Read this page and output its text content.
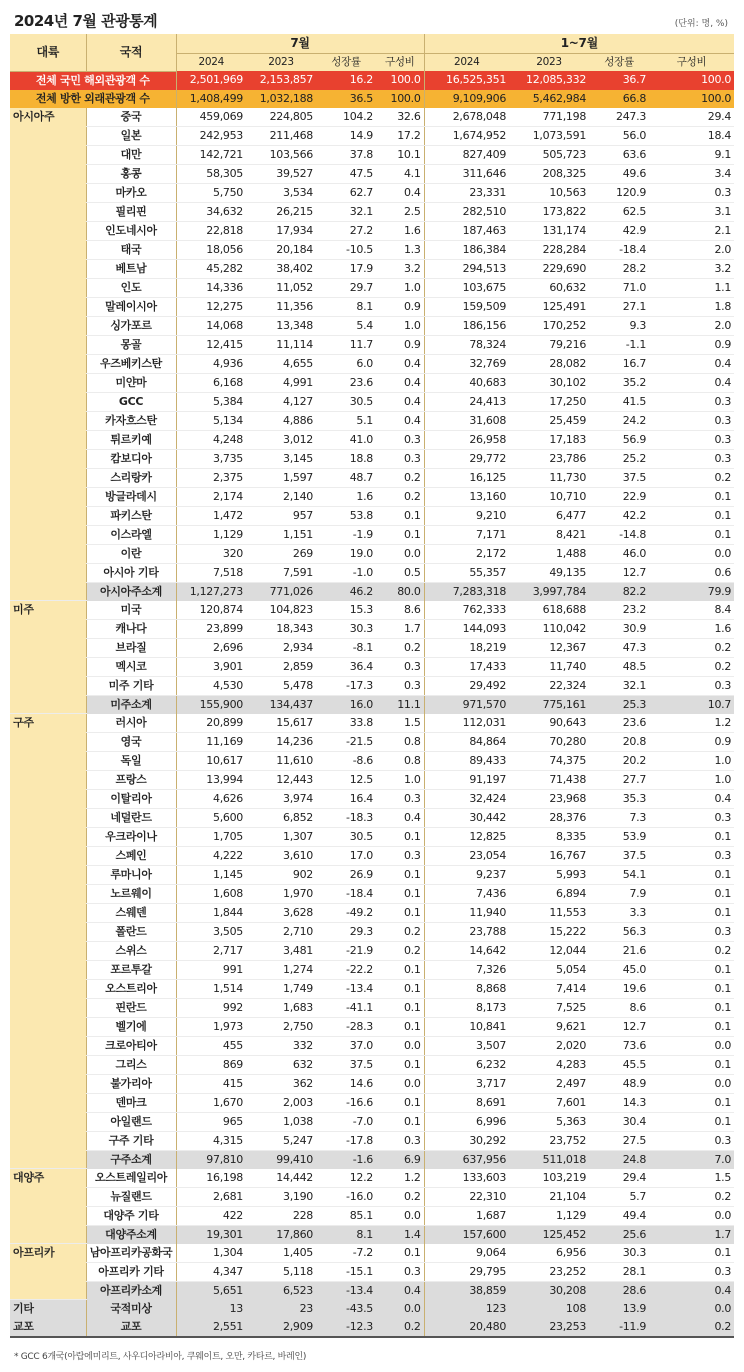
2024년 7월 관광통계	(단위: 명, %)
대륙	국적	7월				1~7월			
		2024	2023	성장률	구성비	2024	2023	성장률	구성비
전체 국민 해외관광객 수		2,501,969	2,153,857	16.2	100.0	16,525,351	12,085,332	36.7	100.0
전체 방한 외래관광객 수		1,408,499	1,032,188	36.5	100.0	9,109,906	5,462,984	66.8	100.0
아시아주	중국	459,069	224,805	104.2	32.6	2,678,048	771,198	247.3	29.4
	일본	242,953	211,468	14.9	17.2	1,674,952	1,073,591	56.0	18.4
	대만	142,721	103,566	37.8	10.1	827,409	505,723	63.6	9.1
	홍콩	58,305	39,527	47.5	4.1	311,646	208,325	49.6	3.4
	마카오	5,750	3,534	62.7	0.4	23,331	10,563	120.9	0.3
	필리핀	34,632	26,215	32.1	2.5	282,510	173,822	62.5	3.1
	인도네시아	22,818	17,934	27.2	1.6	187,463	131,174	42.9	2.1
	태국	18,056	20,184	-10.5	1.3	186,384	228,284	-18.4	2.0
	베트남	45,282	38,402	17.9	3.2	294,513	229,690	28.2	3.2
	인도	14,336	11,052	29.7	1.0	103,675	60,632	71.0	1.1
	말레이시아	12,275	11,356	8.1	0.9	159,509	125,491	27.1	1.8
	싱가포르	14,068	13,348	5.4	1.0	186,156	170,252	9.3	2.0
	몽골	12,415	11,114	11.7	0.9	78,324	79,216	-1.1	0.9
	우즈베키스탄	4,936	4,655	6.0	0.4	32,769	28,082	16.7	0.4
	미얀마	6,168	4,991	23.6	0.4	40,683	30,102	35.2	0.4
	GCC	5,384	4,127	30.5	0.4	24,413	17,250	41.5	0.3
	카자흐스탄	5,134	4,886	5.1	0.4	31,608	25,459	24.2	0.3
	튀르키예	4,248	3,012	41.0	0.3	26,958	17,183	56.9	0.3
	캄보디아	3,735	3,145	18.8	0.3	29,772	23,786	25.2	0.3
	스리랑카	2,375	1,597	48.7	0.2	16,125	11,730	37.5	0.2
	방글라데시	2,174	2,140	1.6	0.2	13,160	10,710	22.9	0.1
	파키스탄	1,472	957	53.8	0.1	9,210	6,477	42.2	0.1
	이스라엘	1,129	1,151	-1.9	0.1	7,171	8,421	-14.8	0.1
	이란	320	269	19.0	0.0	2,172	1,488	46.0	0.0
	아시아 기타	7,518	7,591	-1.0	0.5	55,357	49,135	12.7	0.6
	아시아주소계	1,127,273	771,026	46.2	80.0	7,283,318	3,997,784	82.2	79.9
미주	미국	120,874	104,823	15.3	8.6	762,333	618,688	23.2	8.4
	캐나다	23,899	18,343	30.3	1.7	144,093	110,042	30.9	1.6
	브라질	2,696	2,934	-8.1	0.2	18,219	12,367	47.3	0.2
	멕시코	3,901	2,859	36.4	0.3	17,433	11,740	48.5	0.2
	미주 기타	4,530	5,478	-17.3	0.3	29,492	22,324	32.1	0.3
	미주소계	155,900	134,437	16.0	11.1	971,570	775,161	25.3	10.7
구주	러시아	20,899	15,617	33.8	1.5	112,031	90,643	23.6	1.2
	영국	11,169	14,236	-21.5	0.8	84,864	70,280	20.8	0.9
	독일	10,617	11,610	-8.6	0.8	89,433	74,375	20.2	1.0
	프랑스	13,994	12,443	12.5	1.0	91,197	71,438	27.7	1.0
	이탈리아	4,626	3,974	16.4	0.3	32,424	23,968	35.3	0.4
	네덜란드	5,600	6,852	-18.3	0.4	30,442	28,376	7.3	0.3
	우크라이나	1,705	1,307	30.5	0.1	12,825	8,335	53.9	0.1
	스페인	4,222	3,610	17.0	0.3	23,054	16,767	37.5	0.3
	루마니아	1,145	902	26.9	0.1	9,237	5,993	54.1	0.1
	노르웨이	1,608	1,970	-18.4	0.1	7,436	6,894	7.9	0.1
	스웨덴	1,844	3,628	-49.2	0.1	11,940	11,553	3.3	0.1
	폴란드	3,505	2,710	29.3	0.2	23,788	15,222	56.3	0.3
	스위스	2,717	3,481	-21.9	0.2	14,642	12,044	21.6	0.2
	포르투갈	991	1,274	-22.2	0.1	7,326	5,054	45.0	0.1
	오스트리아	1,514	1,749	-13.4	0.1	8,868	7,414	19.6	0.1
	핀란드	992	1,683	-41.1	0.1	8,173	7,525	8.6	0.1
	벨기에	1,973	2,750	-28.3	0.1	10,841	9,621	12.7	0.1
	크로아티아	455	332	37.0	0.0	3,507	2,020	73.6	0.0
	그리스	869	632	37.5	0.1	6,232	4,283	45.5	0.1
	불가리아	415	362	14.6	0.0	3,717	2,497	48.9	0.0
	덴마크	1,670	2,003	-16.6	0.1	8,691	7,601	14.3	0.1
	아일랜드	965	1,038	-7.0	0.1	6,996	5,363	30.4	0.1
	구주 기타	4,315	5,247	-17.8	0.3	30,292	23,752	27.5	0.3
	구주소계	97,810	99,410	-1.6	6.9	637,956	511,018	24.8	7.0
대양주	오스트레일리아	16,198	14,442	12.2	1.2	133,603	103,219	29.4	1.5
	뉴질랜드	2,681	3,190	-16.0	0.2	22,310	21,104	5.7	0.2
	대양주 기타	422	228	85.1	0.0	1,687	1,129	49.4	0.0
	대양주소계	19,301	17,860	8.1	1.4	157,600	125,452	25.6	1.7
아프리카	남아프리카공화국	1,304	1,405	-7.2	0.1	9,064	6,956	30.3	0.1
	아프리카 기타	4,347	5,118	-15.1	0.3	29,795	23,252	28.1	0.3
	아프리카소계	5,651	6,523	-13.4	0.4	38,859	30,208	28.6	0.4
기타	국적미상	13	23	-43.5	0.0	123	108	13.9	0.0
교포	교포	2,551	2,909	-12.3	0.2	20,480	23,253	-11.9	0.2
* GCC 6개국(아랍에미리트, 사우디아라비아, 쿠웨이트, 오만, 카타르, 바레인)
